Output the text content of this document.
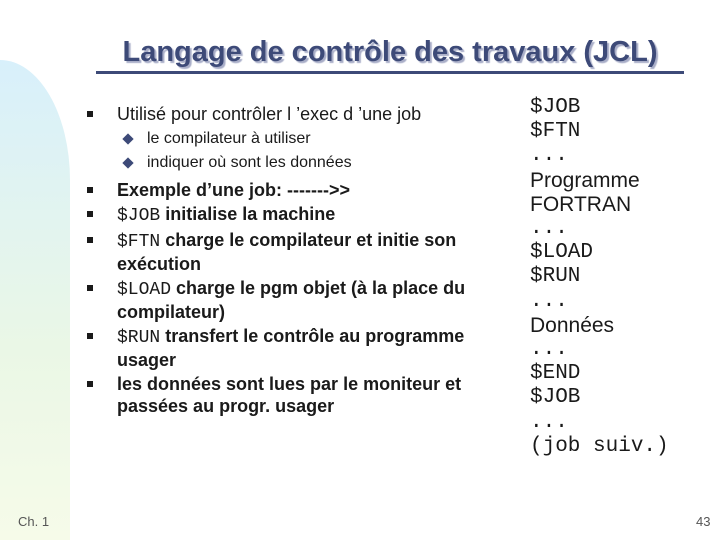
Langage de contrôle des travaux (JCL)
Utilisé pour contrôler l ’exec d ’une job
le compilateur à utiliser
indiquer où sont les données
Exemple d’une job: ------->>
$JOB initialise la machine
$FTN charge le compilateur et initie son exécution
$LOAD charge le pgm objet (à la place du compilateur)
$RUN transfert le contrôle au programme usager
les données sont lues par le moniteur et passées au progr. usager
$JOB
$FTN
...
Programme
FORTRAN
...
$LOAD
$RUN
...
Données
...
$END
$JOB
...
(job suiv.)
Ch. 1	43
